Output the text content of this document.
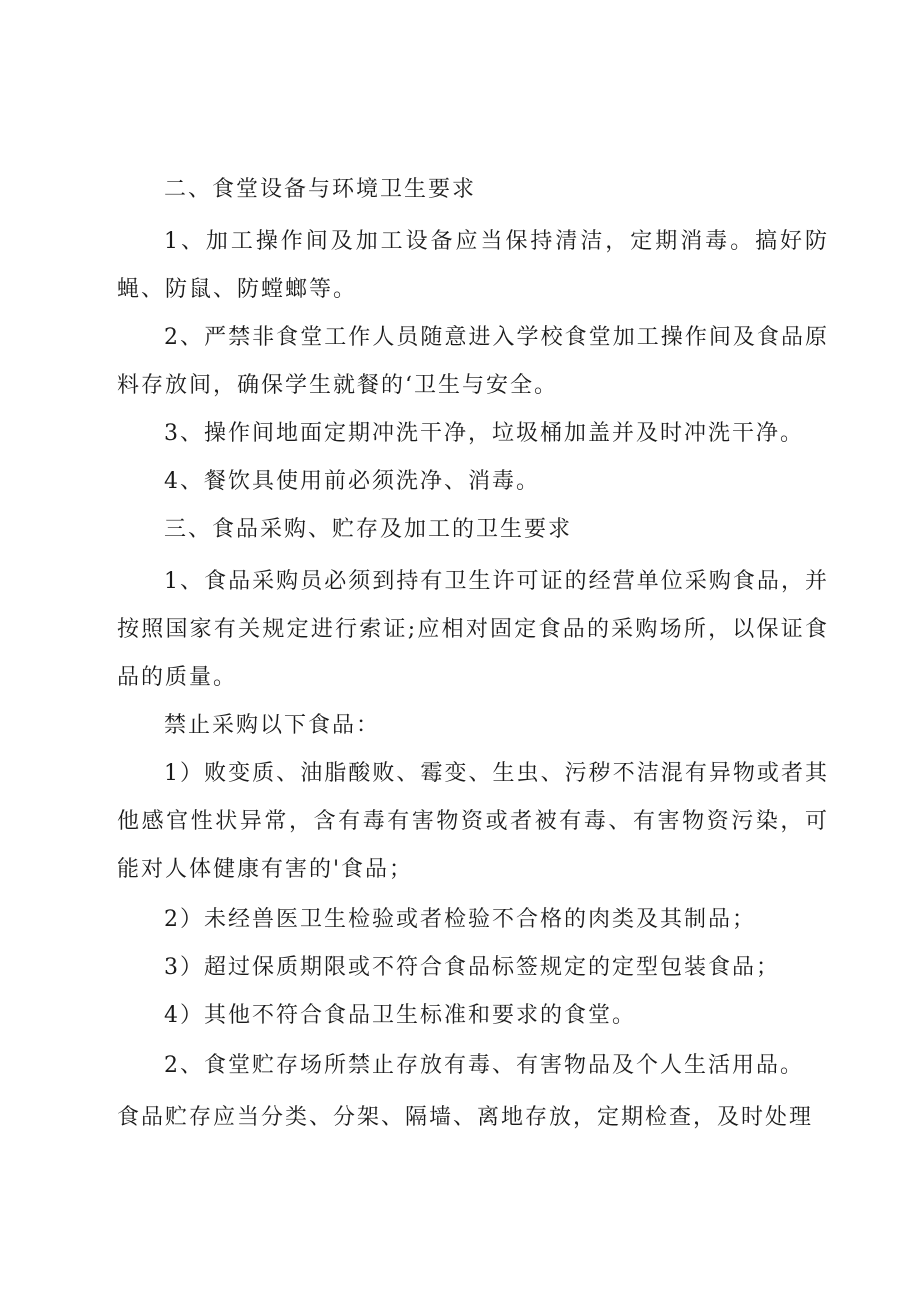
二、食堂设备与环境卫生要求

1、加工操作间及加工设备应当保持清洁，定期消毒。搞好防蝇、防鼠、防螳螂等。

2、严禁非食堂工作人员随意进入学校食堂加工操作间及食品原料存放间，确保学生就餐的‘卫生与安全。

3、操作间地面定期冲洗干净，垃圾桶加盖并及时冲洗干净。

4、餐饮具使用前必须洗净、消毒。

三、食品采购、贮存及加工的卫生要求

1、食品采购员必须到持有卫生许可证的经营单位采购食品，并按照国家有关规定进行索证;应相对固定食品的采购场所，以保证食品的质量。

禁止采购以下食品：

1）败变质、油脂酸败、霉变、生虫、污秽不洁混有异物或者其他感官性状异常，含有毒有害物资或者被有毒、有害物资污染，可能对人体健康有害的'食品；

2）未经兽医卫生检验或者检验不合格的肉类及其制品；

3）超过保质期限或不符合食品标签规定的定型包装食品；

4）其他不符合食品卫生标准和要求的食堂。

2、食堂贮存场所禁止存放有毒、有害物品及个人生活用品。

食品贮存应当分类、分架、隔墙、离地存放，定期检查，及时处理
